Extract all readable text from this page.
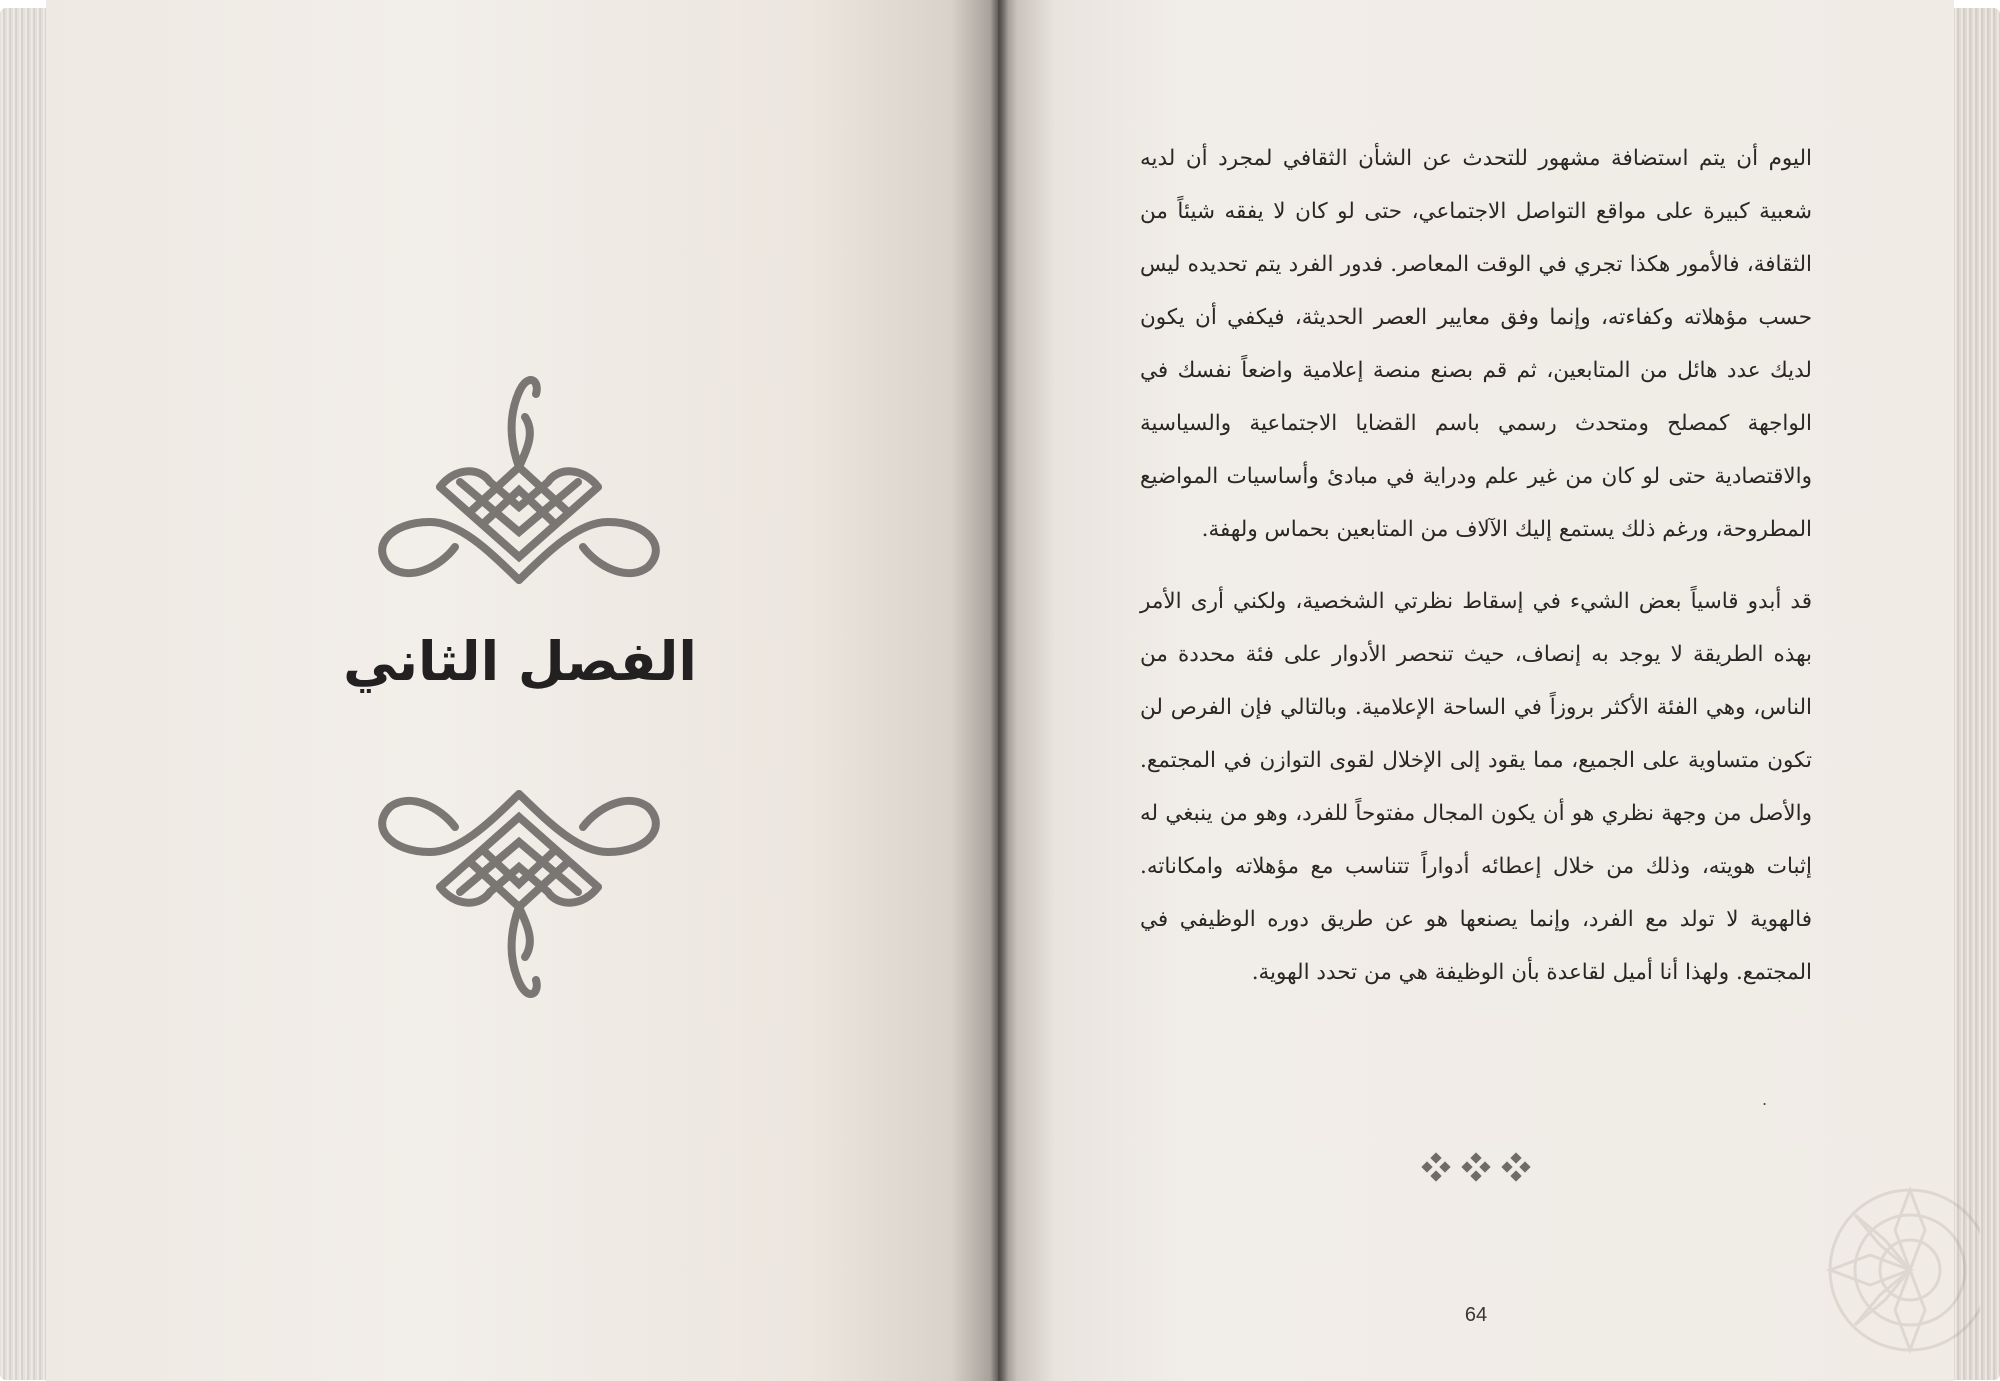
الفصل الثاني

اليوم أن يتم استضافة مشهور للتحدث عن الشأن الثقافي لمجرد أن لديه شعبية كبيرة على مواقع التواصل الاجتماعي، حتى لو كان لا يفقه شيئاً من الثقافة، فالأمور هكذا تجري في الوقت المعاصر. فدور الفرد يتم تحديده ليس حسب مؤهلاته وكفاءته، وإنما وفق معايير العصر الحديثة، فيكفي أن يكون لديك عدد هائل من المتابعين، ثم قم بصنع منصة إعلامية واضعاً نفسك في الواجهة كمصلح ومتحدث رسمي باسم القضايا الاجتماعية والسياسية والاقتصادية حتى لو كان من غير علم ودراية في مبادئ وأساسيات المواضيع المطروحة، ورغم ذلك يستمع إليك الآلاف من المتابعين بحماس ولهفة.

قد أبدو قاسياً بعض الشيء في إسقاط نظرتي الشخصية، ولكني أرى الأمر بهذه الطريقة لا يوجد به إنصاف، حيث تنحصر الأدوار على فئة محددة من الناس، وهي الفئة الأكثر بروزاً في الساحة الإعلامية. وبالتالي فإن الفرص لن تكون متساوية على الجميع، مما يقود إلى الإخلال لقوى التوازن في المجتمع. والأصل من وجهة نظري هو أن يكون المجال مفتوحاً للفرد، وهو من ينبغي له إثبات هويته، وذلك من خلال إعطائه أدواراً تتناسب مع مؤهلاته وامكاناته. فالهوية لا تولد مع الفرد، وإنما يصنعها هو عن طريق دوره الوظيفي في المجتمع. ولهذا أنا أميل لقاعدة بأن الوظيفة هي من تحدد الهوية.

.
64
